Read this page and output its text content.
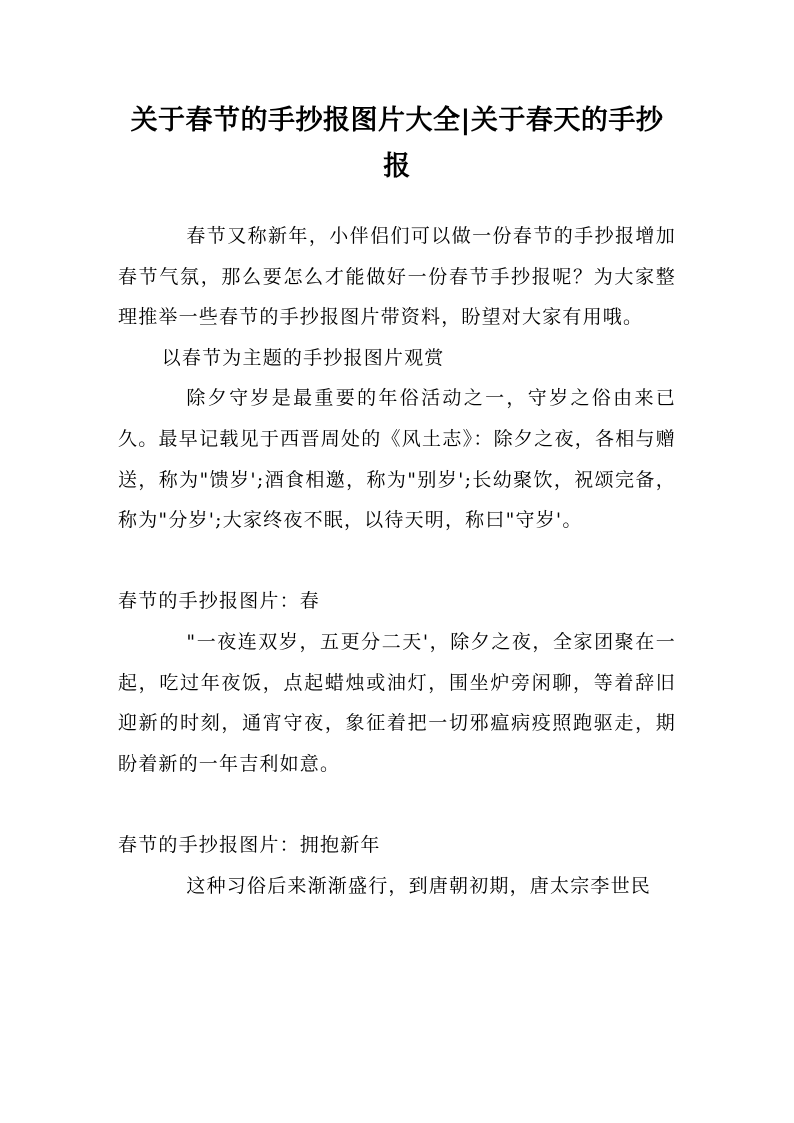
关于春节的手抄报图片大全|关于春天的手抄报

春节又称新年，小伴侣们可以做一份春节的手抄报增加春节气氛，那么要怎么才能做好一份春节手抄报呢？为大家整理推举一些春节的手抄报图片带资料，盼望对大家有用哦。

以春节为主题的手抄报图片观赏

除夕守岁是最重要的年俗活动之一，守岁之俗由来已久。最早记载见于西晋周处的《风土志》：除夕之夜，各相与赠送，称为"馈岁';酒食相邀，称为"别岁';长幼聚饮，祝颂完备，称为"分岁';大家终夜不眠，以待天明，称曰"守岁'。

春节的手抄报图片：春

"一夜连双岁，五更分二天'，除夕之夜，全家团聚在一起，吃过年夜饭，点起蜡烛或油灯，围坐炉旁闲聊，等着辞旧迎新的时刻，通宵守夜，象征着把一切邪瘟病疫照跑驱走，期盼着新的一年吉利如意。

春节的手抄报图片：拥抱新年

这种习俗后来渐渐盛行，到唐朝初期，唐太宗李世民
